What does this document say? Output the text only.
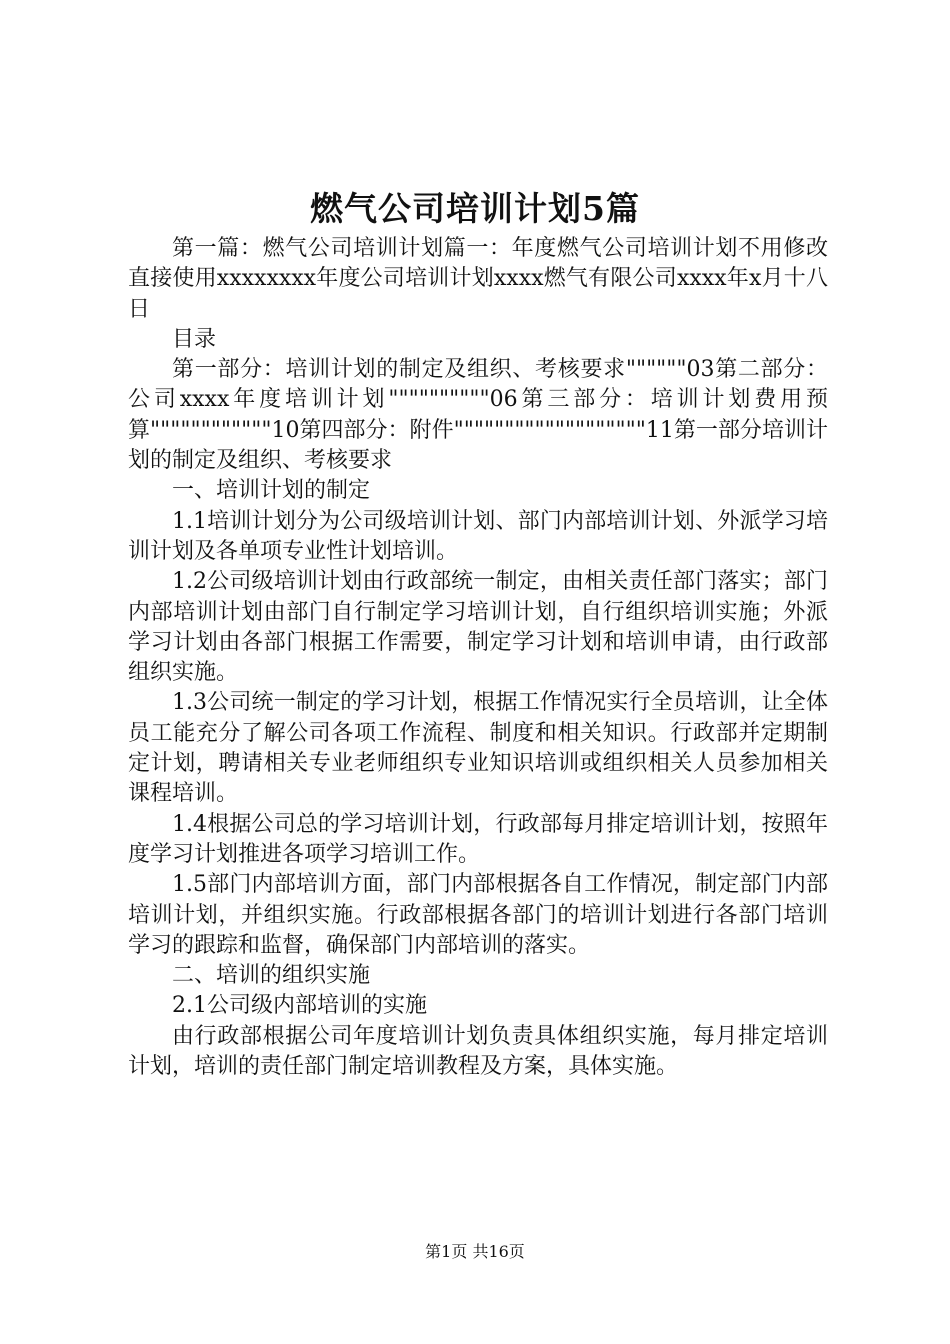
燃气公司培训计划5篇

第一篇：燃气公司培训计划篇一：年度燃气公司培训计划不用修改直接使用xxxxxxxx年度公司培训计划xxxx燃气有限公司xxxx年x月十八日

目录

第一部分：培训计划的制定及组织、考核要求""""""03第二部分：公司xxxx年度培训计划""""""""""06第三部分：培训计划费用预算""""""""""""10第四部分：附件"""""""""""""""""""11第一部分培训计划的制定及组织、考核要求

一、培训计划的制定

1.1培训计划分为公司级培训计划、部门内部培训计划、外派学习培训计划及各单项专业性计划培训。

1.2公司级培训计划由行政部统一制定，由相关责任部门落实；部门内部培训计划由部门自行制定学习培训计划，自行组织培训实施；外派学习计划由各部门根据工作需要，制定学习计划和培训申请，由行政部组织实施。

1.3公司统一制定的学习计划，根据工作情况实行全员培训，让全体员工能充分了解公司各项工作流程、制度和相关知识。行政部并定期制定计划，聘请相关专业老师组织专业知识培训或组织相关人员参加相关课程培训。

1.4根据公司总的学习培训计划，行政部每月排定培训计划，按照年度学习计划推进各项学习培训工作。

1.5部门内部培训方面，部门内部根据各自工作情况，制定部门内部培训计划，并组织实施。行政部根据各部门的培训计划进行各部门培训学习的跟踪和监督，确保部门内部培训的落实。

二、培训的组织实施

2.1公司级内部培训的实施

由行政部根据公司年度培训计划负责具体组织实施，每月排定培训计划，培训的责任部门制定培训教程及方案，具体实施。

第1页 共16页
